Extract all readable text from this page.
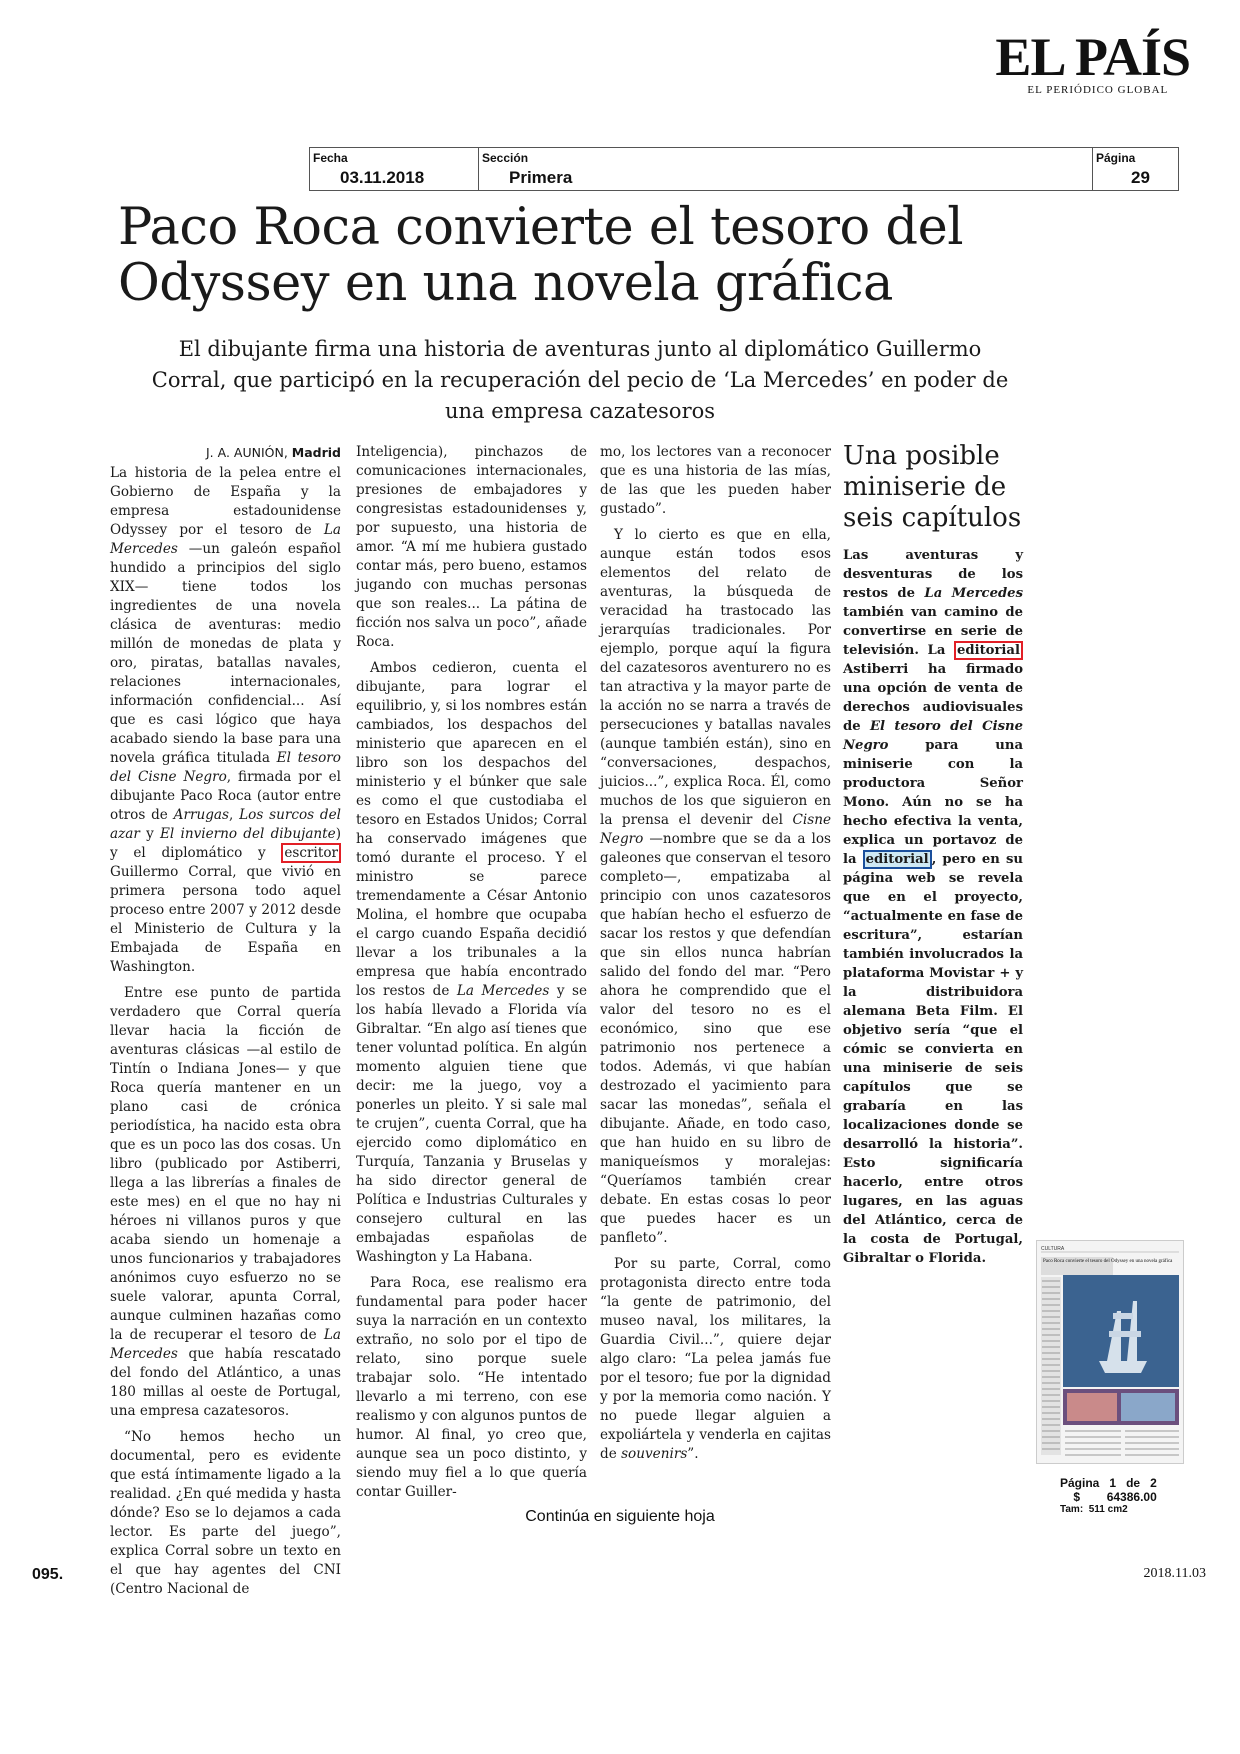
EL PAÍS
EL PERIÓDICO GLOBAL
Fecha
03.11.2018
Sección
Primera
Página
29
Paco Roca convierte el tesoro del Odyssey en una novela gráfica
El dibujante firma una historia de aventuras junto al diplomático Guillermo Corral, que participó en la recuperación del pecio de ‘La Mercedes’ en poder de una empresa cazatesoros
J. A. AUNIÓN, Madrid

La historia de la pelea entre el Gobierno de España y la empresa estadounidense Odyssey por el tesoro de La Mercedes —un galeón español hundido a principios del siglo XIX— tiene todos los ingredientes de una novela clásica de aventuras: medio millón de monedas de plata y oro, piratas, batallas navales, relaciones internacionales, información confidencial... Así que es casi lógico que haya acabado siendo la base para una novela gráfica titulada El tesoro del Cisne Negro, firmada por el dibujante Paco Roca (autor entre otros de Arrugas, Los surcos del azar y El invierno del dibujante) y el diplomático y escritor Guillermo Corral, que vivió en primera persona todo aquel proceso entre 2007 y 2012 desde el Ministerio de Cultura y la Embajada de España en Washington.

Entre ese punto de partida verdadero que Corral quería llevar hacia la ficción de aventuras clásicas —al estilo de Tintín o Indiana Jones— y que Roca quería mantener en un plano casi de crónica periodística, ha nacido esta obra que es un poco las dos cosas. Un libro (publicado por Astiberri, llega a las librerías a finales de este mes) en el que no hay ni héroes ni villanos puros y que acaba siendo un homenaje a unos funcionarios y trabajadores anónimos cuyo esfuerzo no se suele valorar, apunta Corral, aunque culminen hazañas como la de recuperar el tesoro de La Mercedes que había rescatado del fondo del Atlántico, a unas 180 millas al oeste de Portugal, una empresa cazatesoros.

“No hemos hecho un documental, pero es evidente que está íntimamente ligado a la realidad. ¿En qué medida y hasta dónde? Eso se lo dejamos a cada lector. Es parte del juego”, explica Corral sobre un texto en el que hay agentes del CNI (Centro Nacional de

Inteligencia), pinchazos de comunicaciones internacionales, presiones de embajadores y congresistas estadounidenses y, por supuesto, una historia de amor. “A mí me hubiera gustado contar más, pero bueno, estamos jugando con muchas personas que son reales... La pátina de ficción nos salva un poco”, añade Roca.

Ambos cedieron, cuenta el dibujante, para lograr el equilibrio, y, si los nombres están cambiados, los despachos del ministerio que aparecen en el libro son los despachos del ministerio y el búnker que sale es como el que custodiaba el tesoro en Estados Unidos; Corral ha conservado imágenes que tomó durante el proceso. Y el ministro se parece tremendamente a César Antonio Molina, el hombre que ocupaba el cargo cuando España decidió llevar a los tribunales a la empresa que había encontrado los restos de La Mercedes y se los había llevado a Florida vía Gibraltar. “En algo así tienes que tener voluntad política. En algún momento alguien tiene que decir: me la juego, voy a ponerles un pleito. Y si sale mal te crujen”, cuenta Corral, que ha ejercido como diplomático en Turquía, Tanzania y Bruselas y ha sido director general de Política e Industrias Culturales y consejero cultural en las embajadas españolas de Washington y La Habana.

Para Roca, ese realismo era fundamental para poder hacer suya la narración en un contexto extraño, no solo por el tipo de relato, sino porque suele trabajar solo. “He intentado llevarlo a mi terreno, con ese realismo y con algunos puntos de humor. Al final, yo creo que, aunque sea un poco distinto, y siendo muy fiel a lo que quería contar Guiller-

mo, los lectores van a reconocer que es una historia de las mías, de las que les pueden haber gustado”.

Y lo cierto es que en ella, aunque están todos esos elementos del relato de aventuras, la búsqueda de veracidad ha trastocado las jerarquías tradicionales. Por ejemplo, porque aquí la figura del cazatesoros aventurero no es tan atractiva y la mayor parte de la acción no se narra a través de persecuciones y batallas navales (aunque también están), sino en “conversaciones, despachos, juicios...”, explica Roca. Él, como muchos de los que siguieron en la prensa el devenir del Cisne Negro —nombre que se da a los galeones que conservan el tesoro completo—, empatizaba al principio con unos cazatesoros que habían hecho el esfuerzo de sacar los restos y que defendían que sin ellos nunca habrían salido del fondo del mar. “Pero ahora he comprendido que el valor del tesoro no es el económico, sino que ese patrimonio nos pertenece a todos. Además, vi que habían destrozado el yacimiento para sacar las monedas”, señala el dibujante. Añade, en todo caso, que han huido en su libro de maniqueísmos y moralejas: “Queríamos también crear debate. En estas cosas lo peor que puedes hacer es un panfleto”.

Por su parte, Corral, como protagonista directo entre toda “la gente de patrimonio, del museo naval, los militares, la Guardia Civil...”, quiere dejar algo claro: “La pelea jamás fue por el tesoro; fue por la dignidad y por la memoria como nación. Y no puede llegar alguien a expoliártela y venderla en cajitas de souvenirs”.

Una posible miniserie de seis capítulos
Las aventuras y desventuras de los restos de La Mercedes también van camino de convertirse en serie de televisión. La editorial Astiberri ha firmado una opción de venta de derechos audiovisuales de El tesoro del Cisne Negro para una miniserie con la productora Señor Mono. Aún no se ha hecho efectiva la venta, explica un portavoz de la editorial , pero en su página web se revela que en el proyecto, “actualmente en fase de escritura”, estarían también involucrados la plataforma Movistar + y la distribuidora alemana Beta Film. El objetivo sería “que el cómic se convierta en una miniserie de seis capítulos que se grabaría en las localizaciones donde se desarrolló la historia”. Esto significaría hacerlo, entre otros lugares, en las aguas del Atlántico, cerca de la costa de Portugal, Gibraltar o Florida.
CULTURA
Paco Roca convierte el tesoro del Odyssey en una novela gráfica
Página 1 de 2
$ 64386.00
Tam: 511 cm2
Continúa en siguiente hoja
095.	2018.11.03
